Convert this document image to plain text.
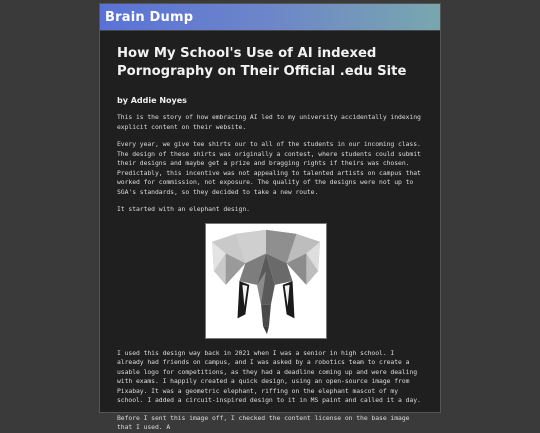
Brain Dump
How My School's Use of AI indexed Pornography on Their Official .edu Site
by Addie Noyes

This is the story of how embracing AI led to my university accidentally indexing explicit content on their website.

Every year, we give tee shirts our to all of the students in our incoming class. The design of these shirts was originally a contest, where students could submit their designs and maybe get a prize and bragging rights if theirs was chosen. Predictably, this incentive was not appealing to talented artists on campus that worked for commission, not exposure. The quality of the designs were not up to SGA's standards, so they decided to take a new route.

It started with an elephant design.

I used this design way back in 2021 when I was a senior in high school. I already had friends on campus, and I was asked by a robotics team to create a usable logo for competitions, as they had a deadline coming up and were dealing with exams. I happily created a quick design, using an open-source image from Pixabay. It was a geometric elephant, riffing on the elephant mascot of my school. I added a circuit-inspired design to it in MS paint and called it a day.

Before I sent this image off, I checked the content license on the base image that I used. A
